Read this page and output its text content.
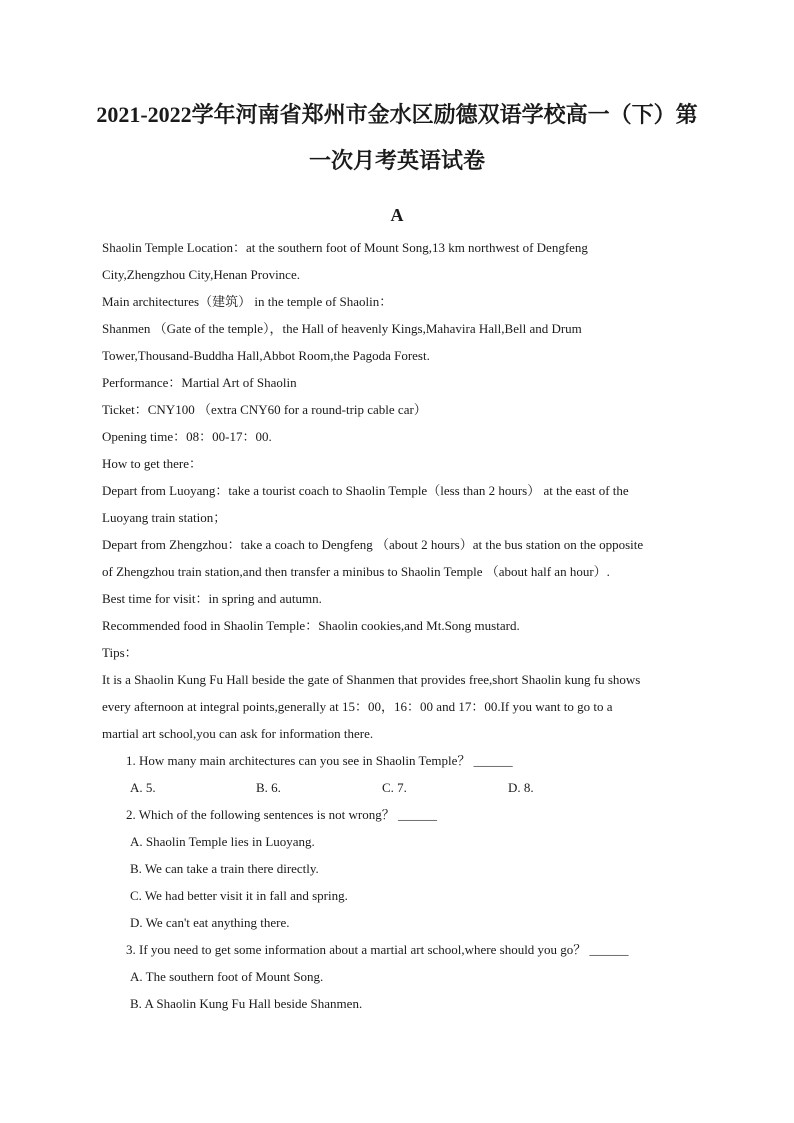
2021-2022学年河南省郑州市金水区励德双语学校高一（下）第
一次月考英语试卷
A

Shaolin Temple Location：at the southern foot of Mount Song,13 km northwest of Dengfeng

City,Zhengzhou City,Henan Province.

Main architectures（建筑） in the temple of Shaolin：

Shanmen （Gate of the temple），the Hall of heavenly Kings,Mahavira Hall,Bell and Drum

Tower,Thousand-Buddha Hall,Abbot Room,the Pagoda Forest.

Performance：Martial Art of Shaolin

Ticket：CNY100 （extra CNY60 for a round-trip cable car）

Opening time：08：00-17：00.

How to get there：

Depart from Luoyang：take a tourist coach to Shaolin Temple（less than 2 hours） at the east of the

Luoyang train station；

Depart from Zhengzhou：take a coach to Dengfeng （about 2 hours）at the bus station on the opposite

of Zhengzhou train station,and then transfer a minibus to Shaolin Temple （about half an hour）.

Best time for visit：in spring and autumn.

Recommended food in Shaolin Temple：Shaolin cookies,and Mt.Song mustard.

Tips：

It is a Shaolin Kung Fu Hall beside the gate of Shanmen that provides free,short Shaolin kung fu shows

every afternoon at integral points,generally at 15：00，16：00 and 17：00.If you want to go to a

martial art school,you can ask for information there.

1. How many main architectures can you see in Shaolin Temple？ ______

A. 5.	B. 6.	C. 7.	D. 8.

2. Which of the following sentences is not wrong？ ______

A. Shaolin Temple lies in Luoyang.

B. We can take a train there directly.

C. We had better visit it in fall and spring.

D. We can't eat anything there.

3. If you need to get some information about a martial art school,where should you go？ ______

A. The southern foot of Mount Song.

B. A Shaolin Kung Fu Hall beside Shanmen.
